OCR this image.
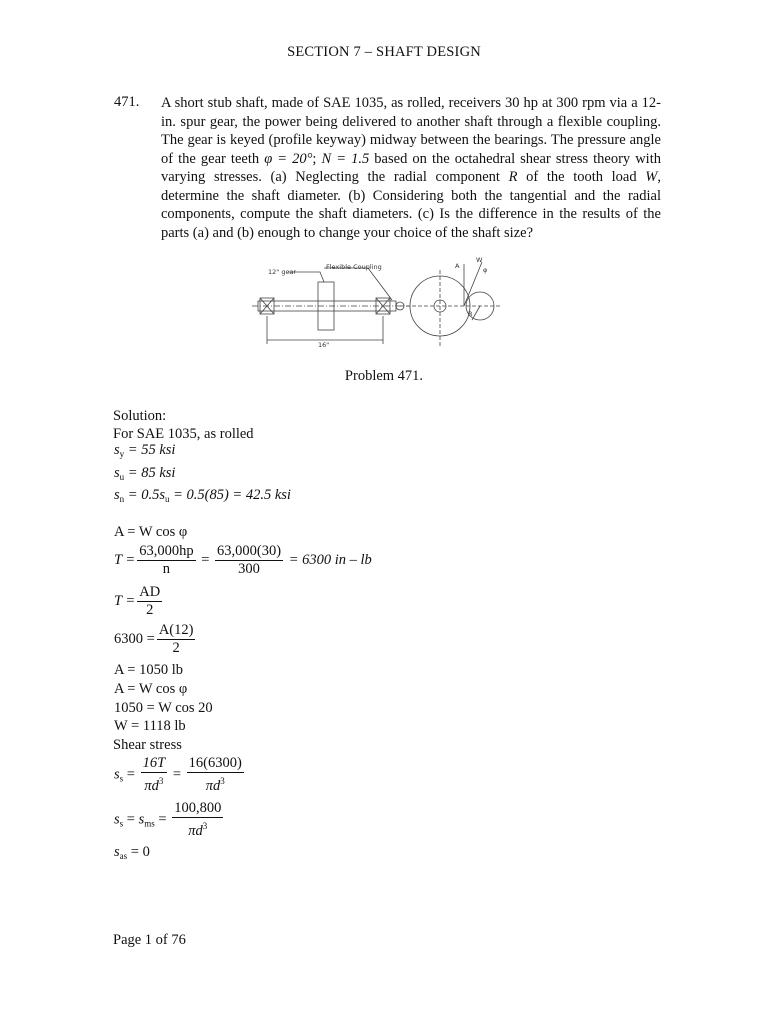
SECTION 7 – SHAFT DESIGN
471. A short stub shaft, made of SAE 1035, as rolled, receivers 30 hp at 300 rpm via a 12-in. spur gear, the power being delivered to another shaft through a flexible coupling. The gear is keyed (profile keyway) midway between the bearings. The pressure angle of the gear teeth φ = 20°; N = 1.5 based on the octahedral shear stress theory with varying stresses. (a) Neglecting the radial component R of the tooth load W, determine the shaft diameter. (b) Considering both the tangential and the radial components, compute the shaft diameters. (c) Is the difference in the results of the parts (a) and (b) enough to change your choice of the shaft size?
12" gear
Flexible Coupling
16"
A
W
φ
R
Problem 471.
Solution:
For SAE 1035, as rolled
$s_y = 55$ ksi
$s_u = 85$ ksi
$s_n = 0.5s_u = 0.5(85) = 42.5$ ksi
A = W cos φ
$T = \frac{63,000hp}{n} = \frac{63,000(30)}{300} = 6300$ in – lb
$T = \frac{AD}{2}$
$6300 = \frac{A(12)}{2}$
A = 1050 lb
A = W cos φ
1050 = W cos 20
W = 1118 lb
Shear stress
$s_s = \frac{16T}{\pi d^3} = \frac{16(6300)}{\pi d^3}$
$s_s = s_{ms} = \frac{100,800}{\pi d^3}$
$s_{as} = 0$
Page 1 of 76
